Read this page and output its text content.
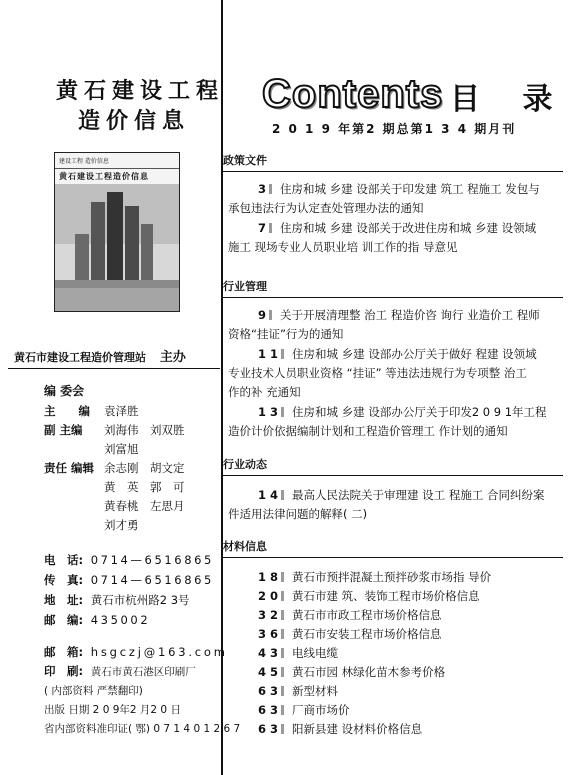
黄石建设工程
造价信息
建设工程 造价信息
黄石建设工程造价信息
黄石市建设工程造价管理站 主办
编 委会
主　　编 袁泽胜
副 主编 刘海伟 刘双胜
刘富旭
责任 编辑 余志刚 胡文定
黄　英 郭　可
黄春桃 左思月
刘才勇
电　话: 0714—6516865
传　真: 0714—6516865
地　址: 黄石市杭州路2 3号
邮　编: 435002
邮　箱: hsgczj@163.com
印　刷: 黄石市黄石港区印刷厂
( 内部资料 严禁翻印)
出版 日期 2 0 9年2 月2 0 日
省内部资料准印证( 鄂) 0 7 1 4 0 1 2 6 7
Contents 目 录
2 0 1 9 年第2 期总第1 3 4 期月刊
政策文件
3 住房和城 乡建 设部关于印发建 筑工 程施工 发包与
承包违法行为认定查处管理办法的通知
7 住房和城 乡建 设部关于改进住房和城 乡建 设领域
施工 现场专业人员职业培 训工作的指 导意见
行业管理
9 关于开展清理整 治工 程造价咨 询行 业造价工 程师
资格“挂证”行为的通知
1 1 住房和城 乡建 设部办公厅关于做好 程建 设领域
专业技术人员职业资格 “挂证” 等违法违规行为专项整 治工
作的补 充通知
1 3 住房和城 乡建 设部办公厅关于印发2 0 9 1年工程
造价计价依据编制计划和工程造价管理工 作计划的通知
行业动态
1 4 最高人民法院关于审理建 设工 程施工 合同纠纷案
件适用法律问题的解释( 二)
材料信息
1 8 黄石市预拌混凝土预拌砂浆市场指 导价
2 0 黄石市建 筑、装饰工程市场价格信息
3 2 黄石市市政工程市场价格信息
3 6 黄石市安装工程市场价格信息
4 3 电线电缆
4 5 黄石市园 林绿化苗木参考价格
6 3 新型材料
6 3 厂商市场价
6 3 阳新县建 设材料价格信息
